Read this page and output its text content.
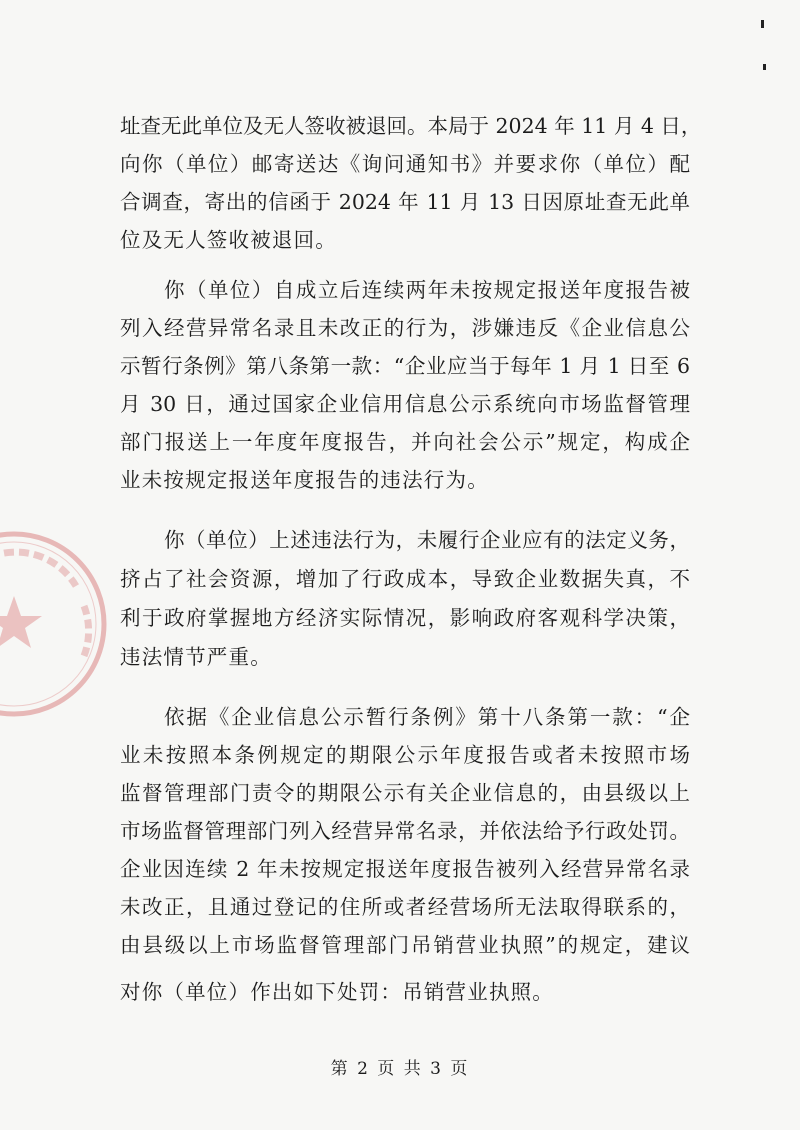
址查无此单位及无人签收被退回。本局于 2024 年 11 月 4 日，
向你（单位）邮寄送达《询问通知书》并要求你（单位）配
合调查，寄出的信函于 2024 年 11 月 13 日因原址查无此单
位及无人签收被退回。
你（单位）自成立后连续两年未按规定报送年度报告被
列入经营异常名录且未改正的行为，涉嫌违反《企业信息公
示暂行条例》第八条第一款：“企业应当于每年 1 月 1 日至 6
月 30 日，通过国家企业信用信息公示系统向市场监督管理
部门报送上一年度年度报告，并向社会公示”规定，构成企
业未按规定报送年度报告的违法行为。
你（单位）上述违法行为，未履行企业应有的法定义务，
挤占了社会资源，增加了行政成本，导致企业数据失真，不
利于政府掌握地方经济实际情况，影响政府客观科学决策，
违法情节严重。
依据《企业信息公示暂行条例》第十八条第一款：“企
业未按照本条例规定的期限公示年度报告或者未按照市场
监督管理部门责令的期限公示有关企业信息的，由县级以上
市场监督管理部门列入经营异常名录，并依法给予行政处罚。
企业因连续 2 年未按规定报送年度报告被列入经营异常名录
未改正，且通过登记的住所或者经营场所无法取得联系的，
由县级以上市场监督管理部门吊销营业执照”的规定，建议
对你（单位）作出如下处罚：吊销营业执照。
第 2 页 共 3 页
